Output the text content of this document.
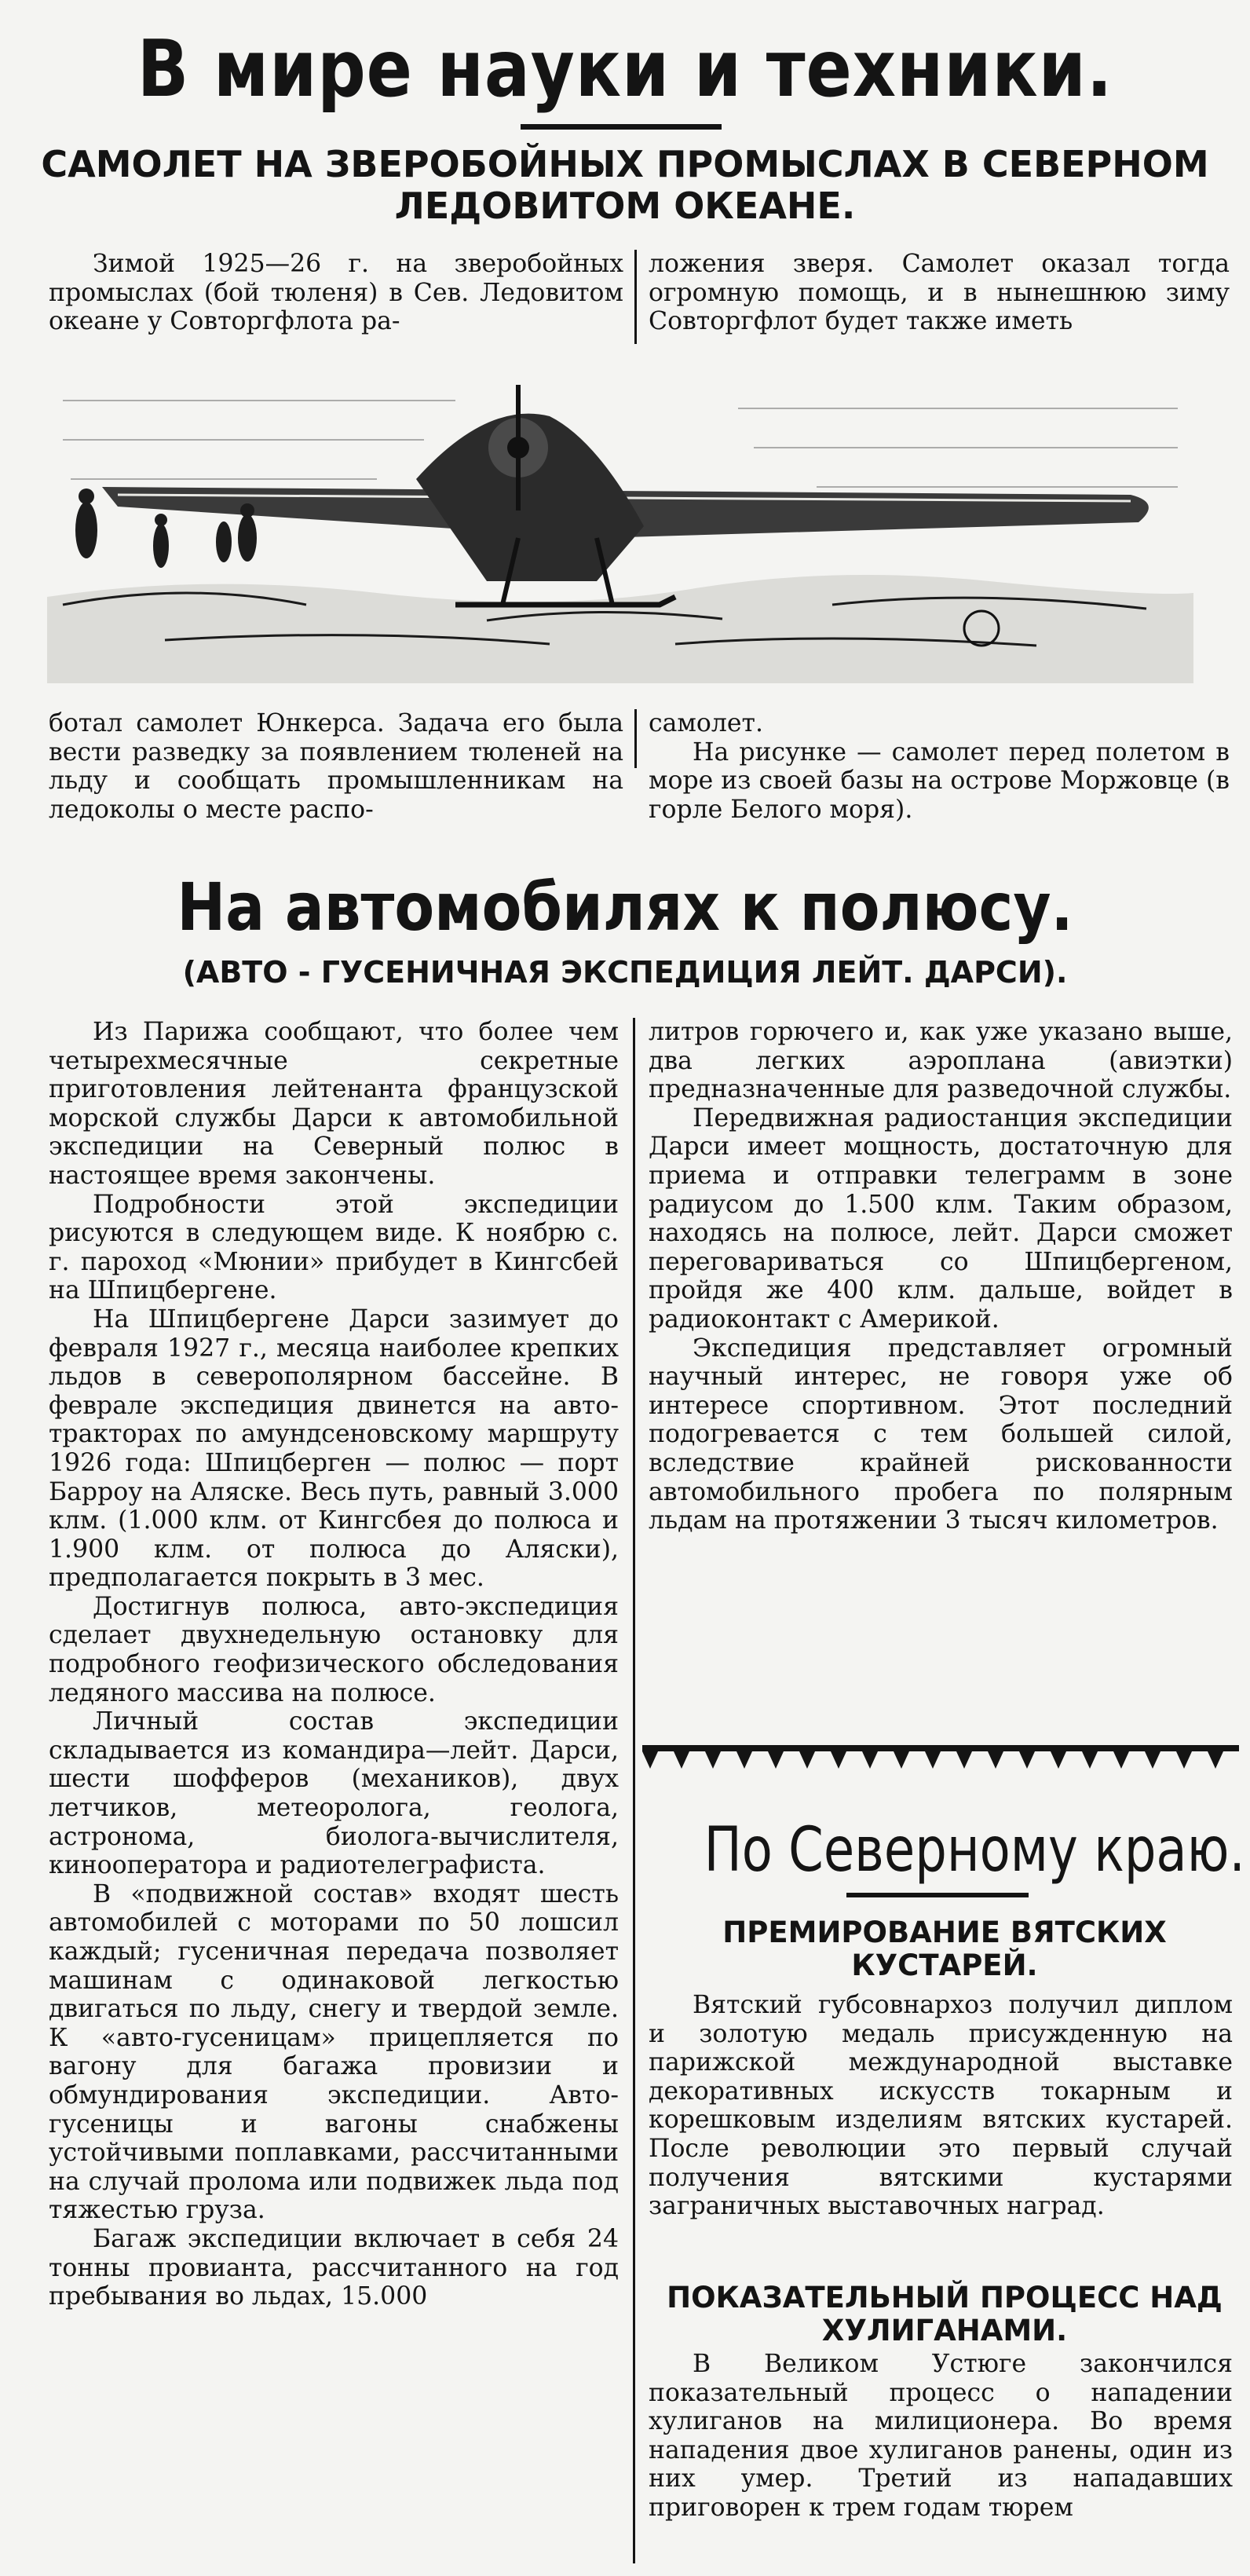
В мире науки и техники.
САМОЛЕТ НА ЗВЕРОБОЙНЫХ ПРОМЫСЛАХ В СЕВЕРНОМ
ЛЕДОВИТОМ ОКЕАНЕ.

Зимой 1925—26 г. на зверобойных промыслах (бой тюленя) в Сев. Ледовитом океане у Совторгфлота ра-

ложения зверя. Самолет оказал тогда огромную помощь, и в нынешнюю зиму Совторгфлот будет также иметь

ботал самолет Юнкерса. Задача его была вести разведку за появлением тюленей на льду и сообщать промышленникам на ледоколы о месте распо-

самолет.

На рисунке — самолет перед полетом в море из своей базы на острове Моржовце (в горле Белого моря).

На автомобилях к полюсу.
(АВТО - ГУСЕНИЧНАЯ ЭКСПЕДИЦИЯ ЛЕЙТ. ДАРСИ).

Из Парижа сообщают, что более чем четырехмесячные секретные приготовления лейтенанта французской морской службы Дарси к автомобильной экспедиции на Северный полюс в настоящее время закончены.

Подробности этой экспедиции рисуются в следующем виде. К ноябрю с. г. пароход «Мюнии» прибудет в Кингсбей на Шпицбергене.

На Шпицбергене Дарси зазимует до февраля 1927 г., месяца наиболее крепких льдов в северополярном бассейне. В феврале экспедиция двинется на авто-тракторах по амундсеновскому маршруту 1926 года: Шпицберген — полюс — порт Барроу на Аляске. Весь путь, равный 3.000 клм. (1.000 клм. от Кингсбея до полюса и 1.900 клм. от полюса до Аляски), предполагается покрыть в 3 мес.

Достигнув полюса, авто-экспедиция сделает двухнедельную остановку для подробного геофизического обследования ледяного массива на полюсе.

Личный состав экспедиции складывается из командира—лейт. Дарси, шести шофферов (механиков), двух летчиков, метеоролога, геолога, астронома, биолога-вычислителя, кинооператора и радиотелеграфиста.

В «подвижной состав» входят шесть автомобилей с моторами по 50 лошсил каждый; гусеничная передача позволяет машинам с одинаковой легкостью двигаться по льду, снегу и твердой земле. К «авто-гусеницам» прицепляется по вагону для багажа провизии и обмундирования экспедиции. Авто-гусеницы и вагоны снабжены устойчивыми поплавками, рассчитанными на случай пролома или подвижек льда под тяжестью груза.

Багаж экспедиции включает в себя 24 тонны провианта, рассчитанного на год пребывания во льдах, 15.000

литров горючего и, как уже указано выше, два легких аэроплана (авиэтки) предназначенные для разведочной службы.

Передвижная радиостанция экспедиции Дарси имеет мощность, достаточную для приема и отправки телеграмм в зоне радиусом до 1.500 клм. Таким образом, находясь на полюсе, лейт. Дарси сможет переговариваться со Шпицбергеном, пройдя же 400 клм. дальше, войдет в радиоконтакт с Америкой.

Экспедиция представляет огромный научный интерес, не говоря уже об интересе спортивном. Этот последний подогревается с тем большей силой, вследствие крайней рискованности автомобильного пробега по полярным льдам на протяжении 3 тысяч километров.

По Северному краю.
ПРЕМИРОВАНИЕ ВЯТСКИХ КУСТАРЕЙ.

Вятский губсовнархоз получил диплом и золотую медаль присужденную на парижской международной выставке декоративных искусств токарным и корешковым изделиям вятских кустарей. После революции это первый случай получения вятскими кустарями заграничных выставочных наград.

ПОКАЗАТЕЛЬНЫЙ ПРОЦЕСС НАД ХУЛИГАНАМИ.

В Великом Устюге закончился показательный процесс о нападении хулиганов на милиционера. Во время нападения двое хулиганов ранены, один из них умер. Третий из нападавших приговорен к трем годам тюрем
